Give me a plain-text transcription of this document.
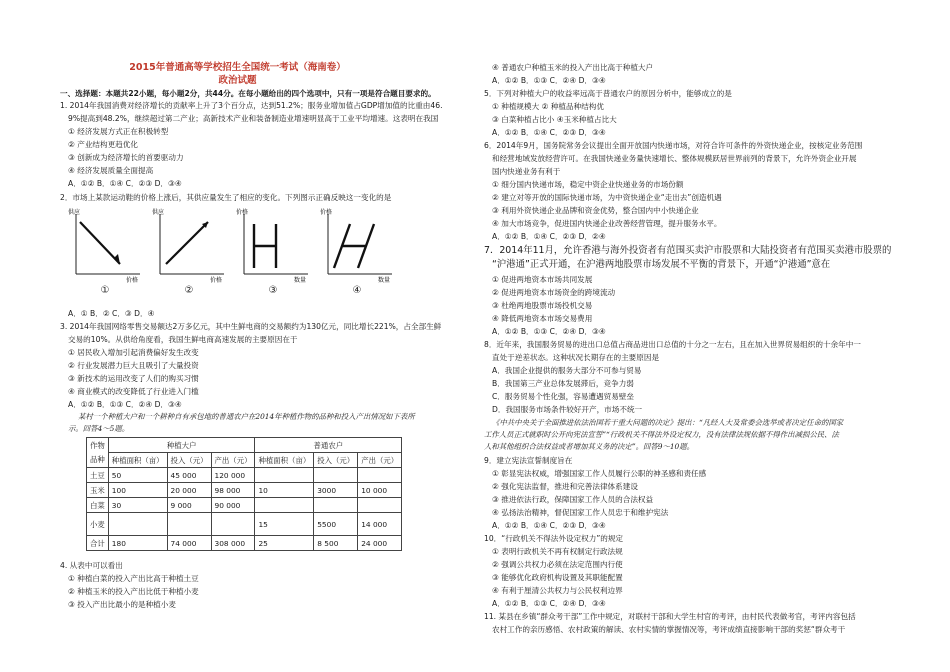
2015年普通高等学校招生全国统一考试（海南卷）
政治试题
一、选择题：本题共22小题，每小题2分，共44分。在每小题给出的四个选项中，只有一项是符合题目要求的。
1. 2014年我国消费对经济增长的贡献率上升了3个百分点，达到51.2%；服务业增加值占GDP增加值的比重由46.
9%提高到48.2%，继续超过第二产业；高新技术产业和装备制造业增速明显高于工业平均增速。这表明在我国
① 经济发展方式正在积极转型
② 产业结构更趋优化
③ 创新成为经济增长的首要驱动力
④ 经济发展质量全面提高
A．①② B．①④ C．②③ D．③④
2．市场上某款运动鞋的价格上涨后，其供应量发生了相应的变化。下列图示正确反映这一变化的是
供应
价格
①
供应
价格
②
价格
数量
③
价格
数量
④
A．① B．② C．③ D．④
3. 2014年我国网络零售交易额达2万多亿元，其中生鲜电商的交易额约为130亿元，同比增长221%，占全部生鲜
交易的10%。从供给角度看，我国生鲜电商高速发展的主要原因在于
① 居民收入增加引起消费偏好发生改变
② 行业发展潜力巨大且吸引了大量投资
③ 新技术的运用改变了人们的购买习惯
④ 商业模式的改变降低了行业进入门槛
A．①② B．①③ C．②④ D．③④
某村一个种植大户和一个耕种自有承包地的普通农户在2014年种植作物的品种和投入产出情况如下表所
示。回答4～5题。
作物	种植大户			普通农户		
品种	种植面积（亩）	投入（元）	产出（元）	种植面积（亩）	投入（元）	产出（元）
土豆	50	45 000	120 000			
玉米	100	20 000	98 000	10	3000	10 000
白菜	30	9 000	90 000			
小麦				15	5500	14 000
合计	180	74 000	308 000	25	8 500	24 000
4. 从表中可以看出
① 种植白菜的投入产出比高于种植土豆
② 种植玉米的投入产出比低于种植小麦
③ 投入产出比最小的是种植小麦
④ 普通农户种植玉米的投入产出比高于种植大户
A．①② B．①③ C．②④ D．③④
5．下列对种植大户的收益率远高于普通农户的原因分析中，能够成立的是
① 种植规模大 ② 种植品种结构优
③ 白菜种植占比小 ④玉米种植占比大
A．①② B．①④ C．②③ D．③④
6．2014年9月，国务院常务会议提出全面开放国内快递市场，对符合许可条件的外资快递企业，按核定业务范围
和经营地域发放经营许可。在我国快递业务量快速增长、整体规模跃居世界前列的背景下，允许外资企业开展
国内快递业务有利于
① 细分国内快递市场，稳定中资企业快递业务的市场份额
② 建立对等开放的国际快递市场，为中资快递企业“走出去”创造机遇
③ 利用外资快递企业品牌和资金优势，整合国内中小快递企业
④ 加大市场竞争，促进国内快递企业改善经营管理，提升服务水平。
A．①② B．①④ C．②③ D．②④
7．2014年11月，允许香港与海外投资者有范围买卖沪市股票和大陆投资者有范围买卖港市股票的
“沪港通”正式开通，在沪港两地股票市场发展不平衡的背景下，开通“沪港通”意在
① 促进两地资本市场共同发展
② 促进两地资本市场资金的跨境流动
③ 杜绝两地股票市场投机交易
④ 降低两地资本市场交易费用
A．①② B．①③ C．②④ D．③④
8．近年来，我国服务贸易的进出口总值占商品进出口总值的十分之一左右，且在加入世界贸易组织的十余年中一
直处于逆差状态。这种状况长期存在的主要原因是
A．我国企业提供的服务大部分不可参与贸易
B．我国第三产业总体发展滞后，竞争力弱
C．服务贸易个性化强，容易遭遇贸易壁垒
D．我国服务市场条件较好开产，市场不统一
《中共中央关于全面推进依法治国若干重大问题的决定》提出：“凡经人大及常委会选举或者决定任命的国家
工作人员正式就职时公开向宪法宣誓”“行政机关不得法外设定权力，没有法律法规依据不得作出减损公民、法
人和其他组织合法权益或者增加其义务的决定”。回答9～10题。
9．建立宪法宣誓制度旨在
① 彰显宪法权威，增强国家工作人员履行公职的神圣感和责任感
② 强化宪法监督，推进和完善法律体系建设
③ 推进依法行政，保障国家工作人员的合法权益
④ 弘扬法治精神，督促国家工作人员忠于和维护宪法
A．①② B．①④ C．②③ D．③④
10．“行政机关不得法外设定权力”的规定
① 表明行政机关不再有权制定行政法规
② 强调公共权力必须在法定范围内行使
③ 能够优化政府机构设置及其职能配置
④ 有利于厘清公共权力与公民权利边界
A．①② B．①③ C．②④ D．③④
11. 某县在乡镇“群众考干部”工作中规定，对联村干部和大学生村官的考评，由村民代表做考官，考评内容包括
农村工作的亲历感悟、农村政策的解读、农村实情的掌握情况等，考评成绩直接影响干部的奖惩“群众考干
